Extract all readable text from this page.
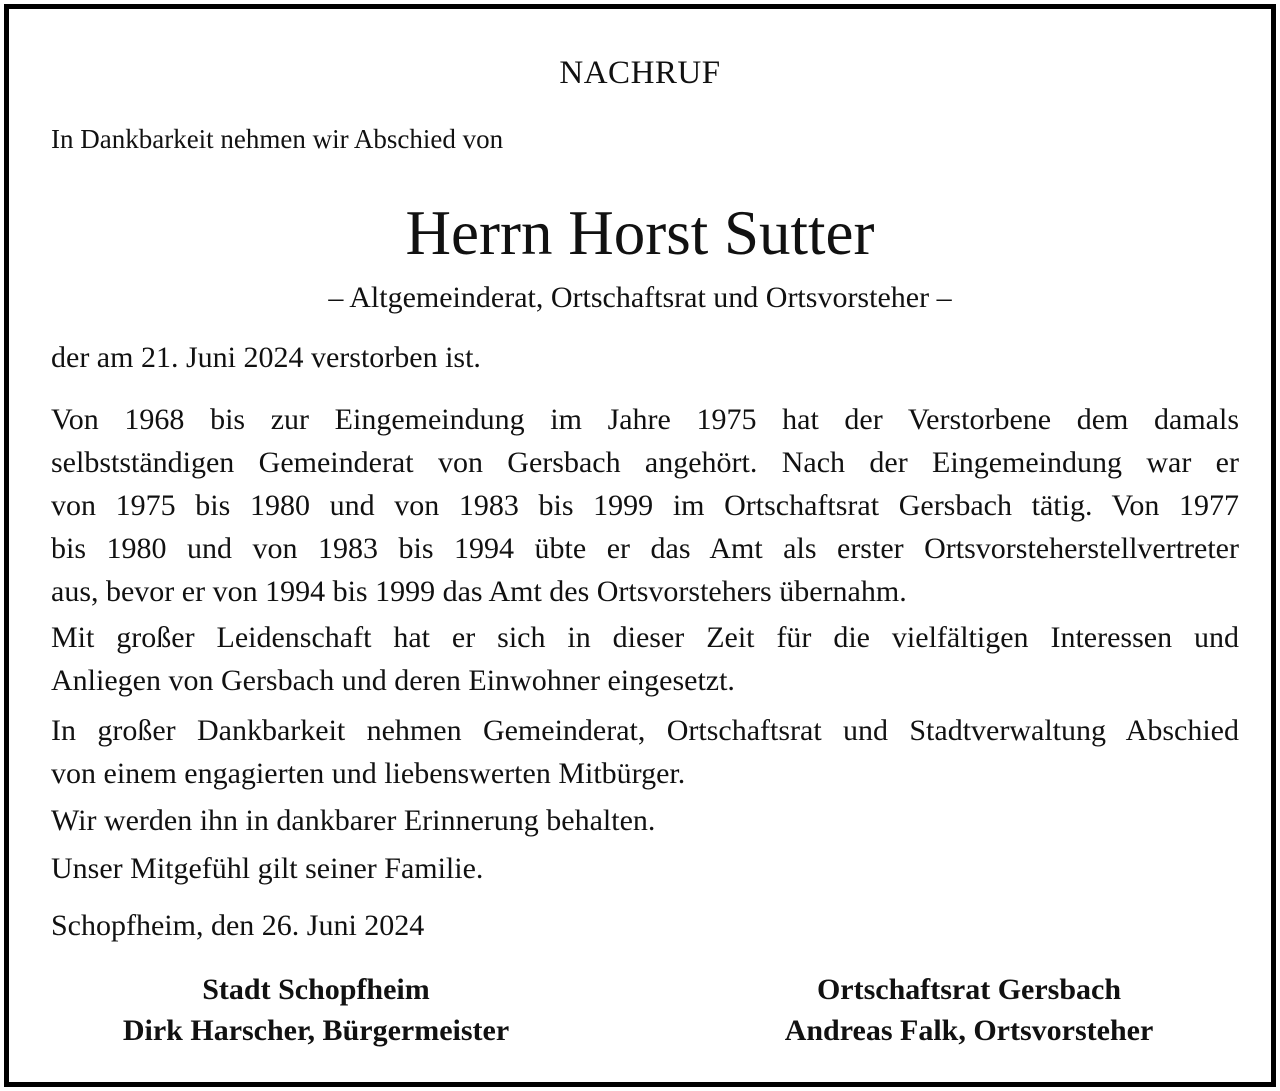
NACHRUF
In Dankbarkeit nehmen wir Abschied von
Herrn Horst Sutter
– Altgemeinderat, Ortschaftsrat und Ortsvorsteher –
der am 21. Juni 2024 verstorben ist.
Von 1968 bis zur Eingemeindung im Jahre 1975 hat der Verstorbene dem damals
selbstständigen Gemeinderat von Gersbach angehört. Nach der Eingemeindung war er
von 1975 bis 1980 und von 1983 bis 1999 im Ortschaftsrat Gersbach tätig. Von 1977
bis 1980 und von 1983 bis 1994 übte er das Amt als erster Ortsvorsteherstellvertreter
aus, bevor er von 1994 bis 1999 das Amt des Ortsvorstehers übernahm.
Mit großer Leidenschaft hat er sich in dieser Zeit für die vielfältigen Interessen und
Anliegen von Gersbach und deren Einwohner eingesetzt.
In großer Dankbarkeit nehmen Gemeinderat, Ortschaftsrat und Stadtverwaltung Abschied
von einem engagierten und liebenswerten Mitbürger.
Wir werden ihn in dankbarer Erinnerung behalten.
Unser Mitgefühl gilt seiner Familie.
Schopfheim, den 26. Juni 2024
Stadt Schopfheim
Dirk Harscher, Bürgermeister
Ortschaftsrat Gersbach
Andreas Falk, Ortsvorsteher
